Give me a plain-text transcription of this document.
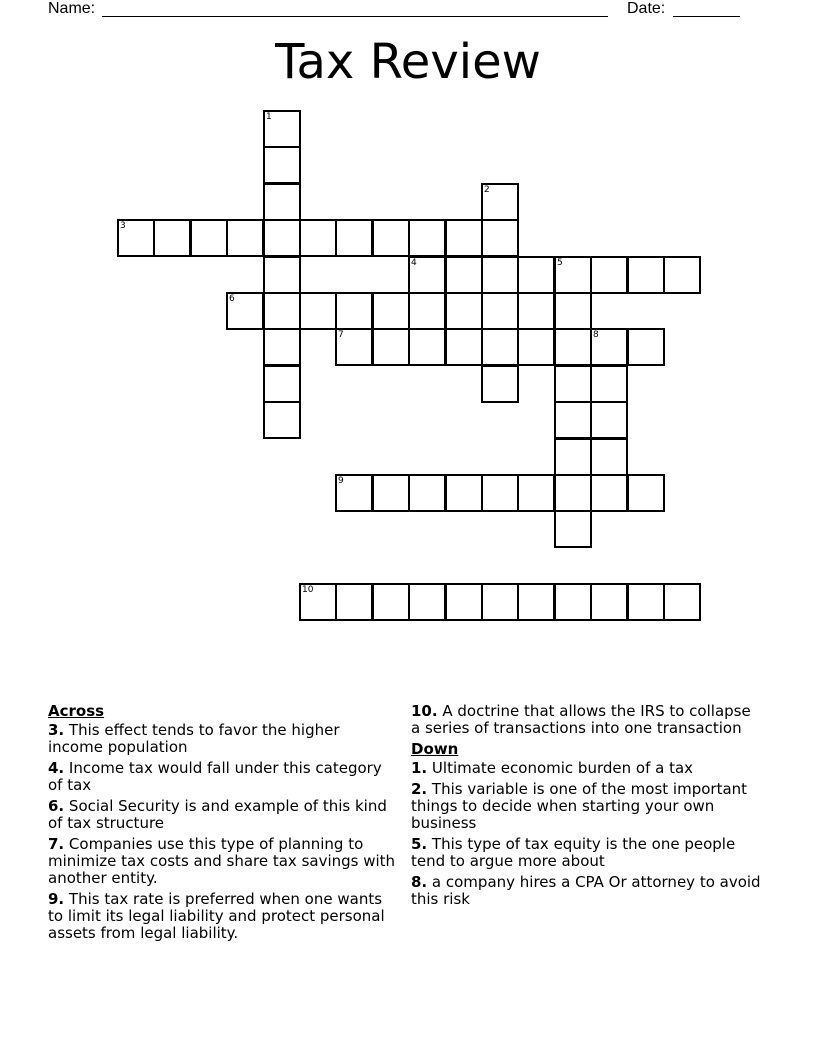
Name:	Date:
Tax Review
1
2
3
4	5
6
7	8
9
10
Across
3. This effect tends to favor the higher income population
4. Income tax would fall under this category of tax
6. Social Security is and example of this kind of tax structure
7. Companies use this type of planning to minimize tax costs and share tax savings with another entity.
9. This tax rate is preferred when one wants to limit its legal liability and protect personal assets from legal liability.
10. A doctrine that allows the IRS to collapse a series of transactions into one transaction
Down
1. Ultimate economic burden of a tax
2. This variable is one of the most important things to decide when starting your own business
5. This type of tax equity is the one people tend to argue more about
8. a company hires a CPA Or attorney to avoid this risk
